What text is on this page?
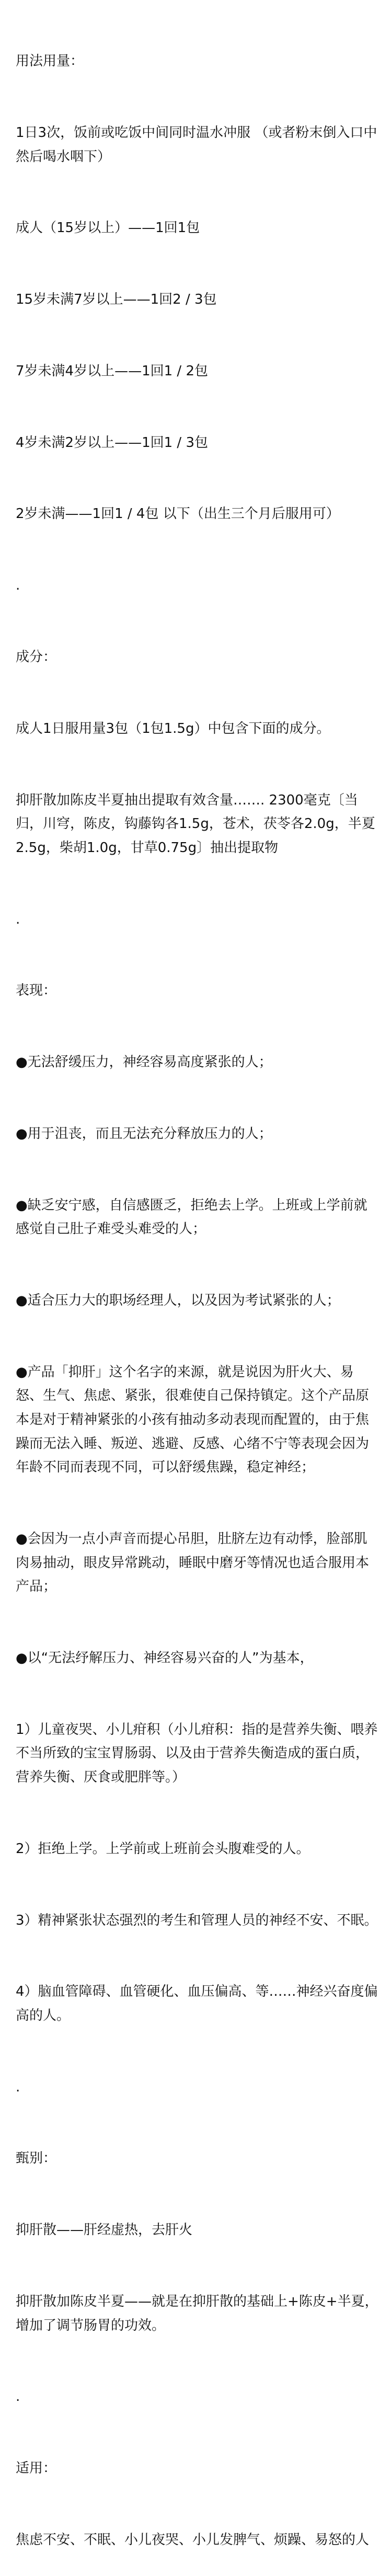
用法用量：

1日3次，饭前或吃饭中间同时温水冲服 （或者粉末倒入口中然后喝水咽下）

成人（15岁以上）——1回1包

15岁未满7岁以上——1回2 / 3包

7岁未满4岁以上——1回1 / 2包

4岁未满2岁以上——1回1 / 3包

2岁未满——1回1 / 4包 以下（出生三个月后服用可）

.

成分：

成人1日服用量3包（1包1.5g）中包含下面的成分。

抑肝散加陈皮半夏抽出提取有效含量……. 2300毫克〔当归，川穹，陈皮，钩藤钩各1.5g，苍术，茯苓各2.0g，半夏2.5g，柴胡1.0g，甘草0.75g〕抽出提取物

.

表现：

●无法舒缓压力，神经容易高度紧张的人；

●用于沮丧，而且无法充分释放压力的人；

●缺乏安宁感，自信感匮乏，拒绝去上学。上班或上学前就感觉自己肚子难受头难受的人；

●适合压力大的职场经理人，以及因为考试紧张的人；

●产品「抑肝」这个名字的来源，就是说因为肝火大、易怒、生气、焦虑、紧张，很难使自己保持镇定。这个产品原本是对于精神紧张的小孩有抽动多动表现而配置的，由于焦躁而无法入睡、叛逆、逃避、反感、心绪不宁等表现会因为年龄不同而表现不同，可以舒缓焦躁，稳定神经；

●会因为一点小声音而提心吊胆，肚脐左边有动悸，脸部肌肉易抽动，眼皮异常跳动，睡眠中磨牙等情况也适合服用本产品；

●以“无法纾解压力、神经容易兴奋的人”为基本，

1）儿童夜哭、小儿疳积（小儿疳积：指的是营养失衡、喂养不当所致的宝宝胃肠弱、以及由于营养失衡造成的蛋白质，营养失衡、厌食或肥胖等。）

2）拒绝上学。上学前或上班前会头腹难受的人。

3）精神紧张状态强烈的考生和管理人员的神经不安、不眠。

4）脑血管障碍、血管硬化、血压偏高、等……神经兴奋度偏高的人。

.

甄别：

抑肝散——肝经虚热，去肝火

抑肝散加陈皮半夏——就是在抑肝散的基础上+陈皮+半夏，增加了调节肠胃的功效。

.

适用：

焦虑不安、不眠、小儿夜哭、小儿发脾气、烦躁、易怒的人
